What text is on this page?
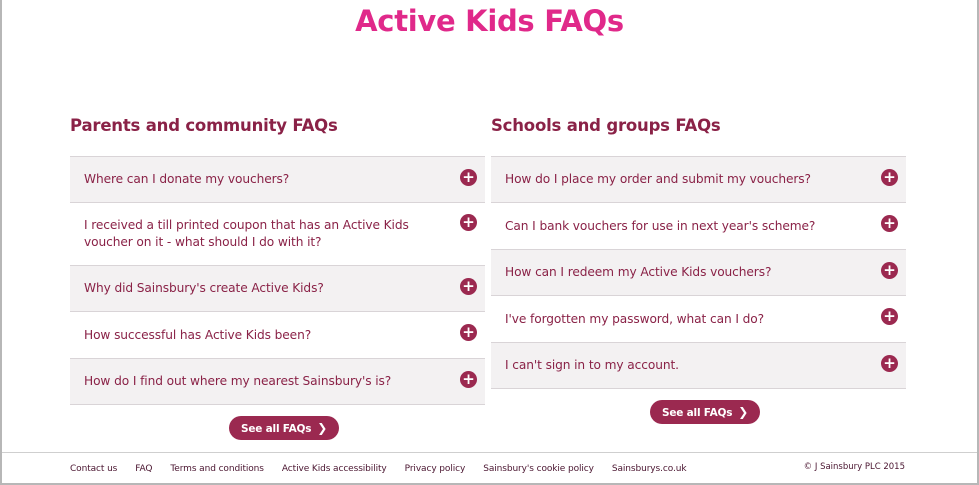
Active Kids FAQs
Parents and community FAQs
Where can I donate my vouchers?	+
I received a till printed coupon that has an Active Kids voucher on it - what should I do with it?
+
Why did Sainsbury's create Active Kids?	+
How successful has Active Kids been?	+
How do I find out where my nearest Sainsbury's is?	+
See all FAQs ❯
Schools and groups FAQs
How do I place my order and submit my vouchers?	+
Can I bank vouchers for use in next year's scheme?	+
How can I redeem my Active Kids vouchers?	+
I've forgotten my password, what can I do?	+
I can't sign in to my account.	+
See all FAQs ❯
Contact us FAQ Terms and conditions Active Kids accessibility Privacy policy Sainsbury's cookie policy Sainsburys.co.uk	© J Sainsbury PLC 2015
